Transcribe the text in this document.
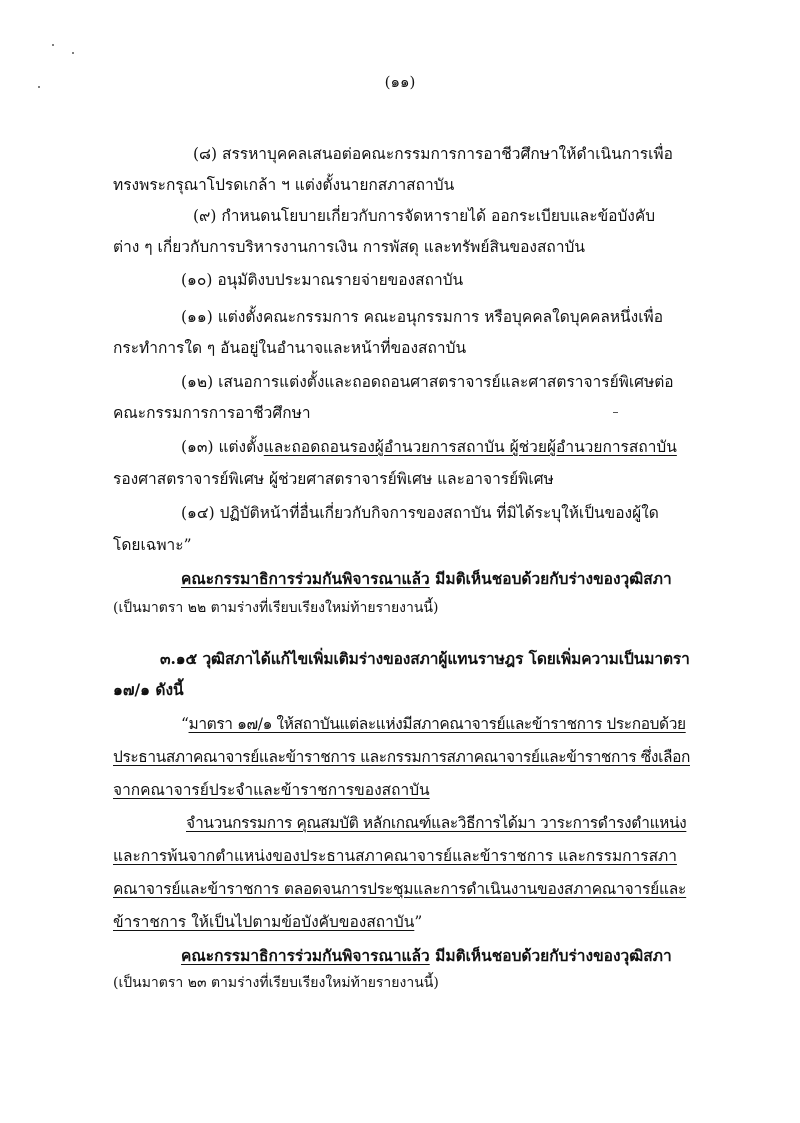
(๑๑)
(๘) สรรหาบุคคลเสนอต่อคณะกรรมการการอาชีวศึกษาให้ดำเนินการเพื่อ
ทรงพระกรุณาโปรดเกล้า ฯ แต่งตั้งนายกสภาสถาบัน
(๙) กำหนดนโยบายเกี่ยวกับการจัดหารายได้ ออกระเบียบและข้อบังคับ
ต่าง ๆ เกี่ยวกับการบริหารงานการเงิน การพัสดุ และทรัพย์สินของสถาบัน
(๑๐) อนุมัติงบประมาณรายจ่ายของสถาบัน
(๑๑) แต่งตั้งคณะกรรมการ คณะอนุกรรมการ หรือบุคคลใดบุคคลหนึ่งเพื่อ
กระทำการใด ๆ อันอยู่ในอำนาจและหน้าที่ของสถาบัน
(๑๒) เสนอการแต่งตั้งและถอดถอนศาสตราจารย์และศาสตราจารย์พิเศษต่อ
คณะกรรมการการอาชีวศึกษา
(๑๓) แต่งตั้งและถอดถอนรองผู้อำนวยการสถาบัน ผู้ช่วยผู้อำนวยการสถาบัน
รองศาสตราจารย์พิเศษ ผู้ช่วยศาสตราจารย์พิเศษ และอาจารย์พิเศษ
(๑๔) ปฏิบัติหน้าที่อื่นเกี่ยวกับกิจการของสถาบัน ที่มิได้ระบุให้เป็นของผู้ใด
โดยเฉพาะ”
คณะกรรมาธิการร่วมกันพิจารณาแล้ว มีมติเห็นชอบด้วยกับร่างของวุฒิสภา
(เป็นมาตรา ๒๒ ตามร่างที่เรียบเรียงใหม่ท้ายรายงานนี้)
๓.๑๕ วุฒิสภาได้แก้ไขเพิ่มเติมร่างของสภาผู้แทนราษฎร โดยเพิ่มความเป็นมาตรา
๑๗/๑ ดังนี้
“มาตรา ๑๗/๑ ให้สถาบันแต่ละแห่งมีสภาคณาจารย์และข้าราชการ ประกอบด้วย
ประธานสภาคณาจารย์และข้าราชการ และกรรมการสภาคณาจารย์และข้าราชการ ซึ่งเลือก
จากคณาจารย์ประจำและข้าราชการของสถาบัน
จำนวนกรรมการ คุณสมบัติ หลักเกณฑ์และวิธีการได้มา วาระการดำรงตำแหน่ง
และการพ้นจากตำแหน่งของประธานสภาคณาจารย์และข้าราชการ และกรรมการสภา
คณาจารย์และข้าราชการ ตลอดจนการประชุมและการดำเนินงานของสภาคณาจารย์และ
ข้าราชการ ให้เป็นไปตามข้อบังคับของสถาบัน”
คณะกรรมาธิการร่วมกันพิจารณาแล้ว มีมติเห็นชอบด้วยกับร่างของวุฒิสภา
(เป็นมาตรา ๒๓ ตามร่างที่เรียบเรียงใหม่ท้ายรายงานนี้)
